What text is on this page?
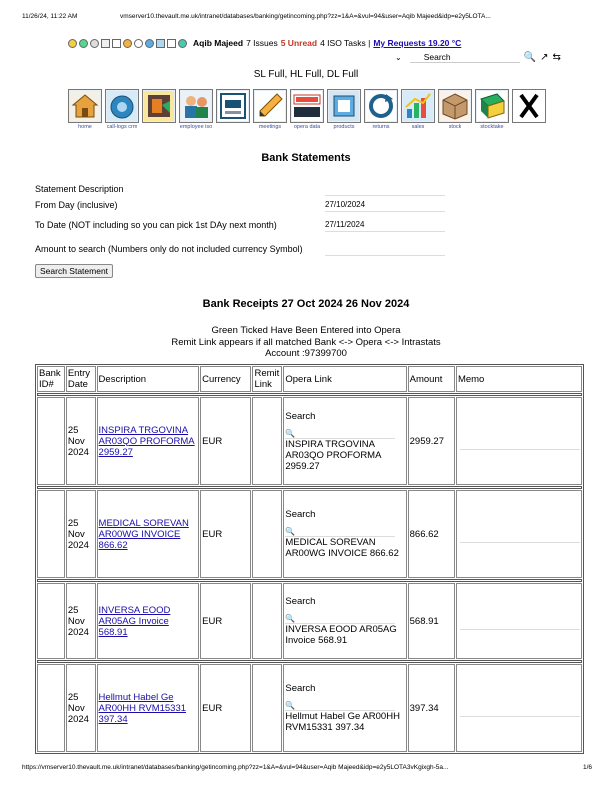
11/26/24, 11:22 AM	vmserver10.thevault.me.uk/intranet/databases/banking/getincoming.php?zz=1&A=&vul=94&user=Aqib Majeed&idp=e2y5LOTA...
Aqib Majeed 7 Issues 5 Unread 4 ISO Tasks | My Requests 19.20 °C
⌄	Search	🔍 ↗ ⇆
SL Full, HL Full, DL Full
home	call-logs crm	employee iso	meetings opera data products	returns	sales	stock	stocktake
Bank Statements
Statement Description
From Day (inclusive)	27/10/2024
To Date (NOT including so you can pick 1st DAy next month)	27/11/2024
Amount to search (Numbers only do not included currency Symbol)
Search Statement
Bank Receipts 27 Oct 2024 26 Nov 2024
Green Ticked Have Been Entered into Opera
Remit Link appears if all matched Bank <-> Opera <-> Intrastats
Account :97399700
Bank ID#	Entry Date	Description	Currency	Remit Link	Opera Link	Amount	Memo

	25 Nov 2024	INSPIRA TRGOVINA AR03QO PROFORMA 2959.27	EUR		Search
🔍
INSPIRA TRGOVINA AR03QO PROFORMA 2959.27	2959.27	

	25 Nov 2024	MEDICAL SOREVAN AR00WG INVOICE 866.62	EUR		Search
🔍
MEDICAL SOREVAN AR00WG INVOICE 866.62	866.62	

	25 Nov 2024	INVERSA EOOD AR05AG Invoice 568.91	EUR		Search
🔍
INVERSA EOOD AR05AG Invoice 568.91	568.91	

	25 Nov 2024	Hellmut Habel Ge AR00HH RVM15331 397.34	EUR		Search
🔍
Hellmut Habel Ge AR00HH RVM15331 397.34	397.34	
https://vmserver10.thevault.me.uk/intranet/databases/banking/getincoming.php?zz=1&A=&vul=94&user=Aqib Majeed&idp=e2y5LOTA3vKgixgh-5a...	1/6
